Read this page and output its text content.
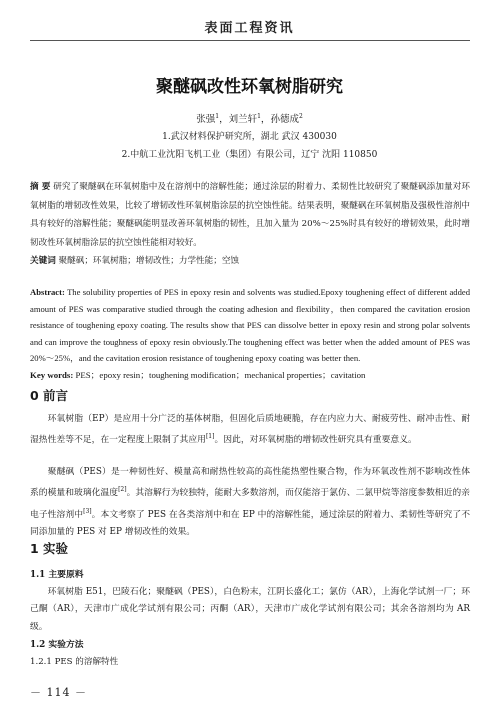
表面工程资讯
聚醚砜改性环氧树脂研究
张强$^1$，刘兰轩$^1$，孙德成$^2$
1.武汉材料保护研究所，湖北 武汉 430030
2.中航工业沈阳飞机工业（集团）有限公司，辽宁 沈阳 110850
摘 要 研究了聚醚砜在环氧树脂中及在溶剂中的溶解性能；通过涂层的附着力、柔韧性比较研究了聚醚砜添加量对环氧树脂的增韧改性效果，比较了增韧改性环氧树脂涂层的抗空蚀性能。结果表明，聚醚砜在环氧树脂及强极性溶剂中具有较好的溶解性能；聚醚砜能明显改善环氧树脂的韧性，且加入量为 20%～25%时具有较好的增韧效果，此时增韧改性环氧树脂涂层的抗空蚀性能相对较好。
关键词 聚醚砜；环氧树脂；增韧改性；力学性能；空蚀
Abstract: The solubility properties of PES in epoxy resin and solvents was studied.Epoxy toughening effect of different added amount of PES was comparative studied through the coating adhesion and flexibility，then compared the cavitation erosion resistance of toughening epoxy coating. The results show that PES can dissolve better in epoxy resin and strong polar solvents and can improve the toughness of epoxy resin obviously.The toughening effect was better when the added amount of PES was 20%～25%，and the cavitation erosion resistance of toughening epoxy coating was better then.
Key words: PES；epoxy resin；toughening modification；mechanical properties；cavitation
0 前言
环氧树脂（EP）是应用十分广泛的基体树脂，但固化后质地硬脆，存在内应力大、耐疲劳性、耐冲击性、耐湿热性差等不足，在一定程度上限制了其应用[1]。因此，对环氧树脂的增韧改性研究具有重要意义。
聚醚砜（PES）是一种韧性好、模量高和耐热性较高的高性能热塑性聚合物，作为环氧改性剂不影响改性体系的模量和玻璃化温度[2]。其溶解行为较独特，能耐大多数溶剂，而仅能溶于氯仿、二氯甲烷等溶度参数相近的亲电子性溶剂中[3]。本文考察了 PES 在各类溶剂中和在 EP 中的溶解性能，通过涂层的附着力、柔韧性等研究了不同添加量的 PES 对 EP 增韧改性的效果。
1 实验
1.1 主要原料
环氧树脂 E51，巴陵石化；聚醚砜（PES），白色粉末，江阴长盛化工；氯仿（AR），上海化学试剂一厂；环己酮（AR），天津市广成化学试剂有限公司；丙酮（AR），天津市广成化学试剂有限公司；其余各溶剂均为 AR 级。
1.2 实验方法
1.2.1 PES 的溶解特性
－ 114 －
